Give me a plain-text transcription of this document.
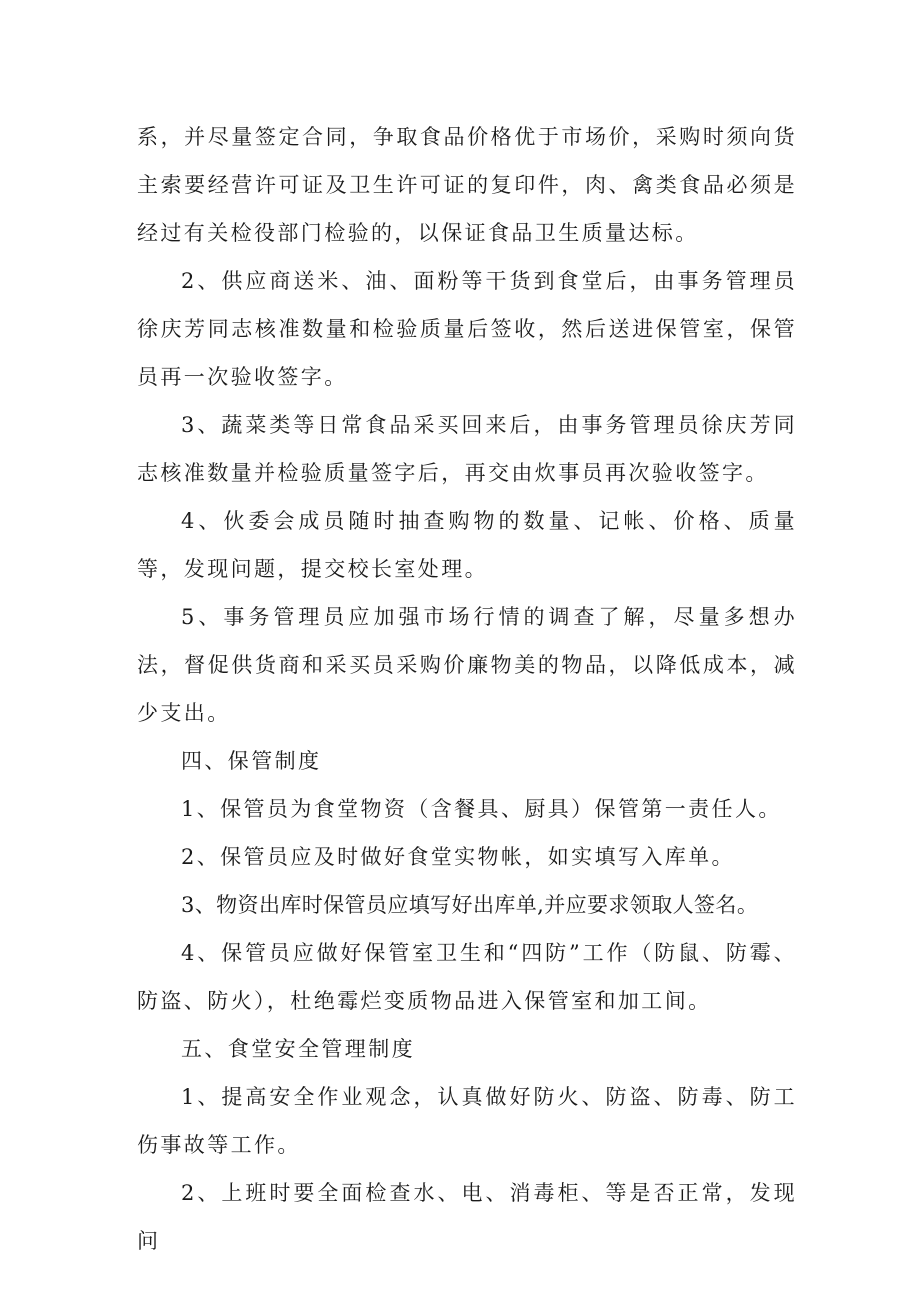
系，并尽量签定合同，争取食品价格优于市场价，采购时须向货主索要经营许可证及卫生许可证的复印件，肉、禽类食品必须是经过有关检役部门检验的，以保证食品卫生质量达标。

2、供应商送米、油、面粉等干货到食堂后，由事务管理员徐庆芳同志核准数量和检验质量后签收，然后送进保管室，保管员再一次验收签字。

3、蔬菜类等日常食品采买回来后，由事务管理员徐庆芳同志核准数量并检验质量签字后，再交由炊事员再次验收签字。

4、伙委会成员随时抽查购物的数量、记帐、价格、质量等，发现问题，提交校长室处理。

5、事务管理员应加强市场行情的调查了解，尽量多想办法，督促供货商和采买员采购价廉物美的物品，以降低成本，减少支出。

四、保管制度

1、保管员为食堂物资（含餐具、厨具）保管第一责任人。

2、保管员应及时做好食堂实物帐，如实填写入库单。

3、物资出库时保管员应填写好出库单,并应要求领取人签名。

4、保管员应做好保管室卫生和“四防”工作（防鼠、防霉、防盗、防火），杜绝霉烂变质物品进入保管室和加工间。

五、食堂安全管理制度

1、提高安全作业观念，认真做好防火、防盗、防毒、防工伤事故等工作。

2、上班时要全面检查水、电、消毒柜、等是否正常，发现问
